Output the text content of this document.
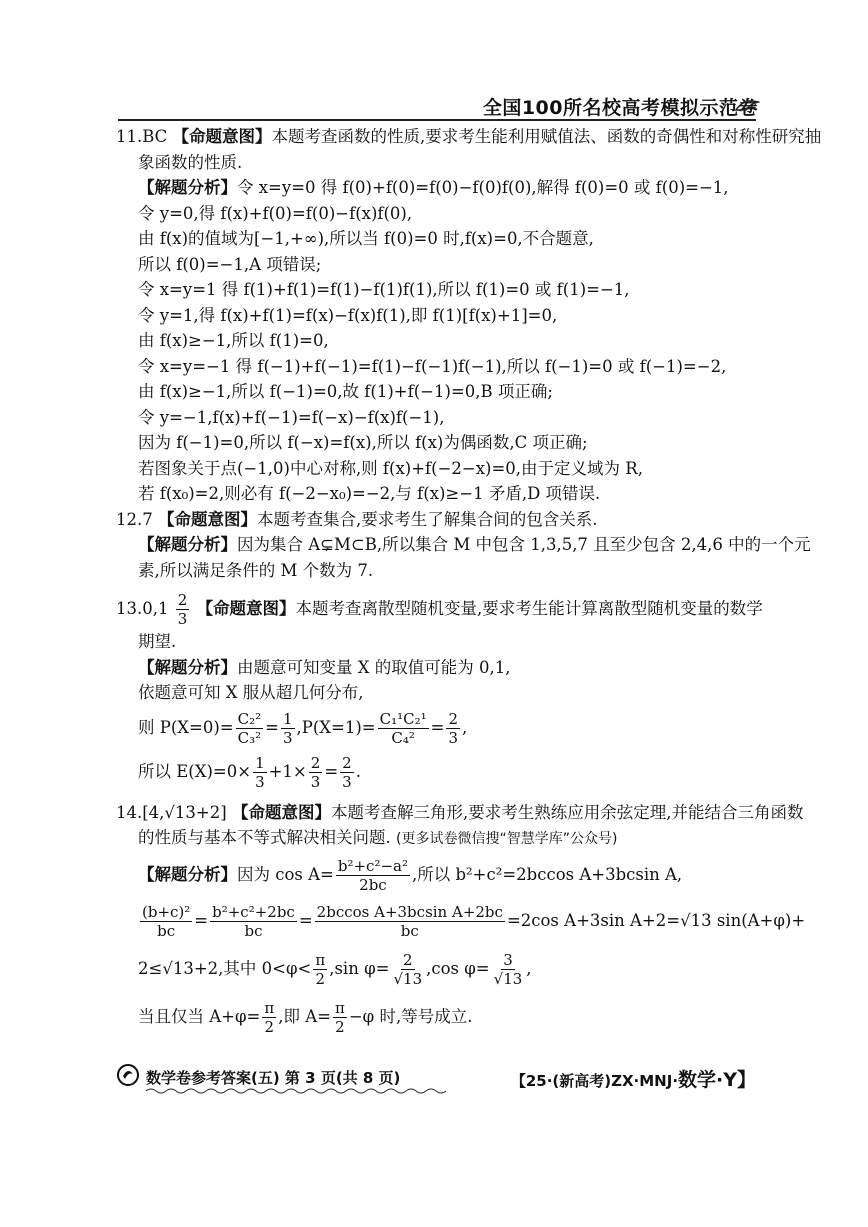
全国100所名校高考模拟示范卷
11.BC 【命题意图】本题考查函数的性质,要求考生能利用赋值法、函数的奇偶性和对称性研究抽
象函数的性质.
【解题分析】令 x=y=0 得 f(0)+f(0)=f(0)−f(0)f(0),解得 f(0)=0 或 f(0)=−1,
令 y=0,得 f(x)+f(0)=f(0)−f(x)f(0),
由 f(x)的值域为[−1,+∞),所以当 f(0)=0 时,f(x)=0,不合题意,
所以 f(0)=−1,A 项错误;
令 x=y=1 得 f(1)+f(1)=f(1)−f(1)f(1),所以 f(1)=0 或 f(1)=−1,
令 y=1,得 f(x)+f(1)=f(x)−f(x)f(1),即 f(1)[f(x)+1]=0,
由 f(x)≥−1,所以 f(1)=0,
令 x=y=−1 得 f(−1)+f(−1)=f(1)−f(−1)f(−1),所以 f(−1)=0 或 f(−1)=−2,
由 f(x)≥−1,所以 f(−1)=0,故 f(1)+f(−1)=0,B 项正确;
令 y=−1,f(x)+f(−1)=f(−x)−f(x)f(−1),
因为 f(−1)=0,所以 f(−x)=f(x),所以 f(x)为偶函数,C 项正确;
若图象关于点(−1,0)中心对称,则 f(x)+f(−2−x)=0,由于定义域为 R,
若 f(x₀)=2,则必有 f(−2−x₀)=−2,与 f(x)≥−1 矛盾,D 项错误.
12.7 【命题意图】本题考查集合,要求考生了解集合间的包含关系.
【解题分析】因为集合 A⊊M⊂B,所以集合 M 中包含 1,3,5,7 且至少包含 2,4,6 中的一个元
素,所以满足条件的 M 个数为 7.
$13.0,1 \frac{2}{3}$ 【命题意图】本题考查离散型随机变量,要求考生能计算离散型随机变量的数学
期望.
【解题分析】由题意可知变量 X 的取值可能为 0,1,
依题意可知 X 服从超几何分布,
则 $P(X=0)= \frac{\text{C₂²}}{\text{C₃²}} = \frac{1}{3} ,P(X=1)= \frac{\text{C₁¹C₂¹}}{\text{C₄²}} = \frac{2}{3}$ ,
所以 $E(X)=0\times \frac{1}{3} +1\times \frac{2}{3} = \frac{2}{3}$ .
14.[4,√13+2] 【命题意图】本题考查解三角形,要求考生熟练应用余弦定理,并能结合三角函数
的性质与基本不等式解决相关问题. (更多试卷微信搜“智慧学库”公众号)
【解题分析】因为 $\cos A= \frac{\text{b²+c²−a²}}{2bc}$ ,所以 b²+c²=2bccos A+3bcsin A,
$\frac{\text{(b+c)²}}{bc} = \frac{\text{b²+c²+2bc}}{bc} = \frac{\text{2bccos A+3bcsin A+2bc}}{bc} =2\cos$ A+3sin A+2=√13 sin(A+φ)+
2≤√13+2,其中 $0<\varphi< \frac{\pi}{2} ,\sin$ $\varphi= \frac{2}{√13} ,\cos$ $\varphi= \frac{3}{√13}$ ,
当且仅当 $A+\varphi= \frac{\pi}{2}$ ,即 $A= \frac{\pi}{2} -\varphi$ 时,等号成立.
数学卷参考答案(五) 第 3 页(共 8 页)	【25·(新高考)ZX·MNJ·数学·Y】
